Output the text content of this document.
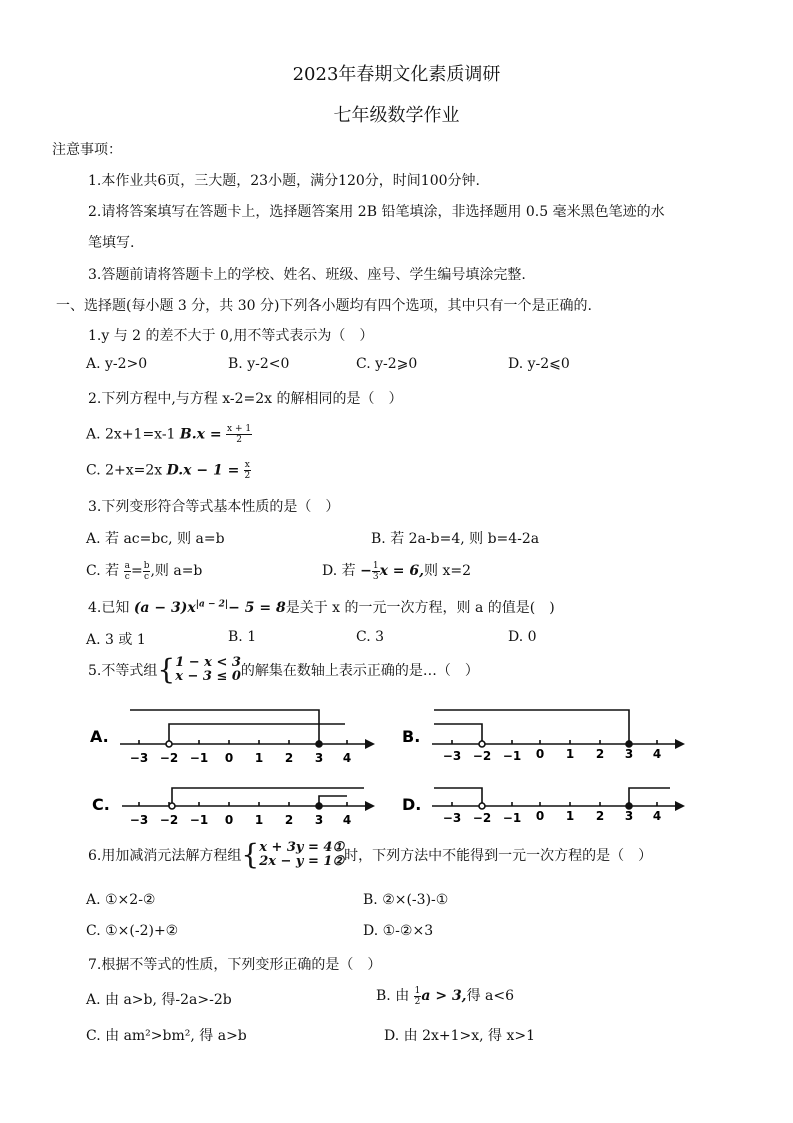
2023年春期文化素质调研
七年级数学作业
注意事项：
1.本作业共6页，三大题，23小题，满分120分，时间100分钟.
2.请将答案填写在答题卡上，选择题答案用 2B 铅笔填涂，非选择题用 0.5 毫米黑色笔迹的水
笔填写.
3.答题前请将答题卡上的学校、姓名、班级、座号、学生编号填涂完整.
一、选择题(每小题 3 分，共 30 分)下列各小题均有四个选项，其中只有一个是正确的.
1.y 与 2 的差不大于 0,用不等式表示为（　）
A. y-2>0	B. y-2<0	C. y-2⩾0	D. y-2⩽0
2.下列方程中,与方程 x-2=2x 的解相同的是（　）
A. 2x+1=x-1 $B.x = \frac{x + 1}{2}$
C. 2+x=2x $D.x - 1 = \frac{x}{2}$
3.下列变形符合等式基本性质的是（　）
A. 若 ac=bc, 则 a=b	B. 若 2a-b=4, 则 b=4-2a
C. 若 $\frac{a}{c} = \frac{b}{c}$ ,则 a=b	D. 若 − $\frac{1}{3}$ x = 6,则 x=2
4.已知 $(a - 3)x^{|a - 2|}- 5 = 8$是关于 x 的一元一次方程，则 a 的值是(　)
A. 3 或 1	B. 1	C. 3	D. 0
5.不等式组{ 1 − x < 3
x − 3 ≤ 0 的解集在数轴上表示正确的是…（　）
A.	B.
C.	D.
−3 −2 −1 0 1 2 3 4	−3 −2 −1 0 1 2 3 4
−3 −2 −1 0 1 2 3 4	−3 −2 −1 0 1 2 3 4
6.用加减消元法解方程组{ x + 3y = 4①
2x − y = 1② 时，下列方法中不能得到一元一次方程的是（　）
A. ①×2-②	B. ②×(-3)-①
C. ①×(-2)+②	D. ①-②×3
7.根据不等式的性质，下列变形正确的是（　）
A. 由 a>b, 得-2a>-2b	B. 由 $\frac{1}{2}$ a > 3,得 a<6
C. 由 am²>bm², 得 a>b	D. 由 2x+1>x, 得 x>1
